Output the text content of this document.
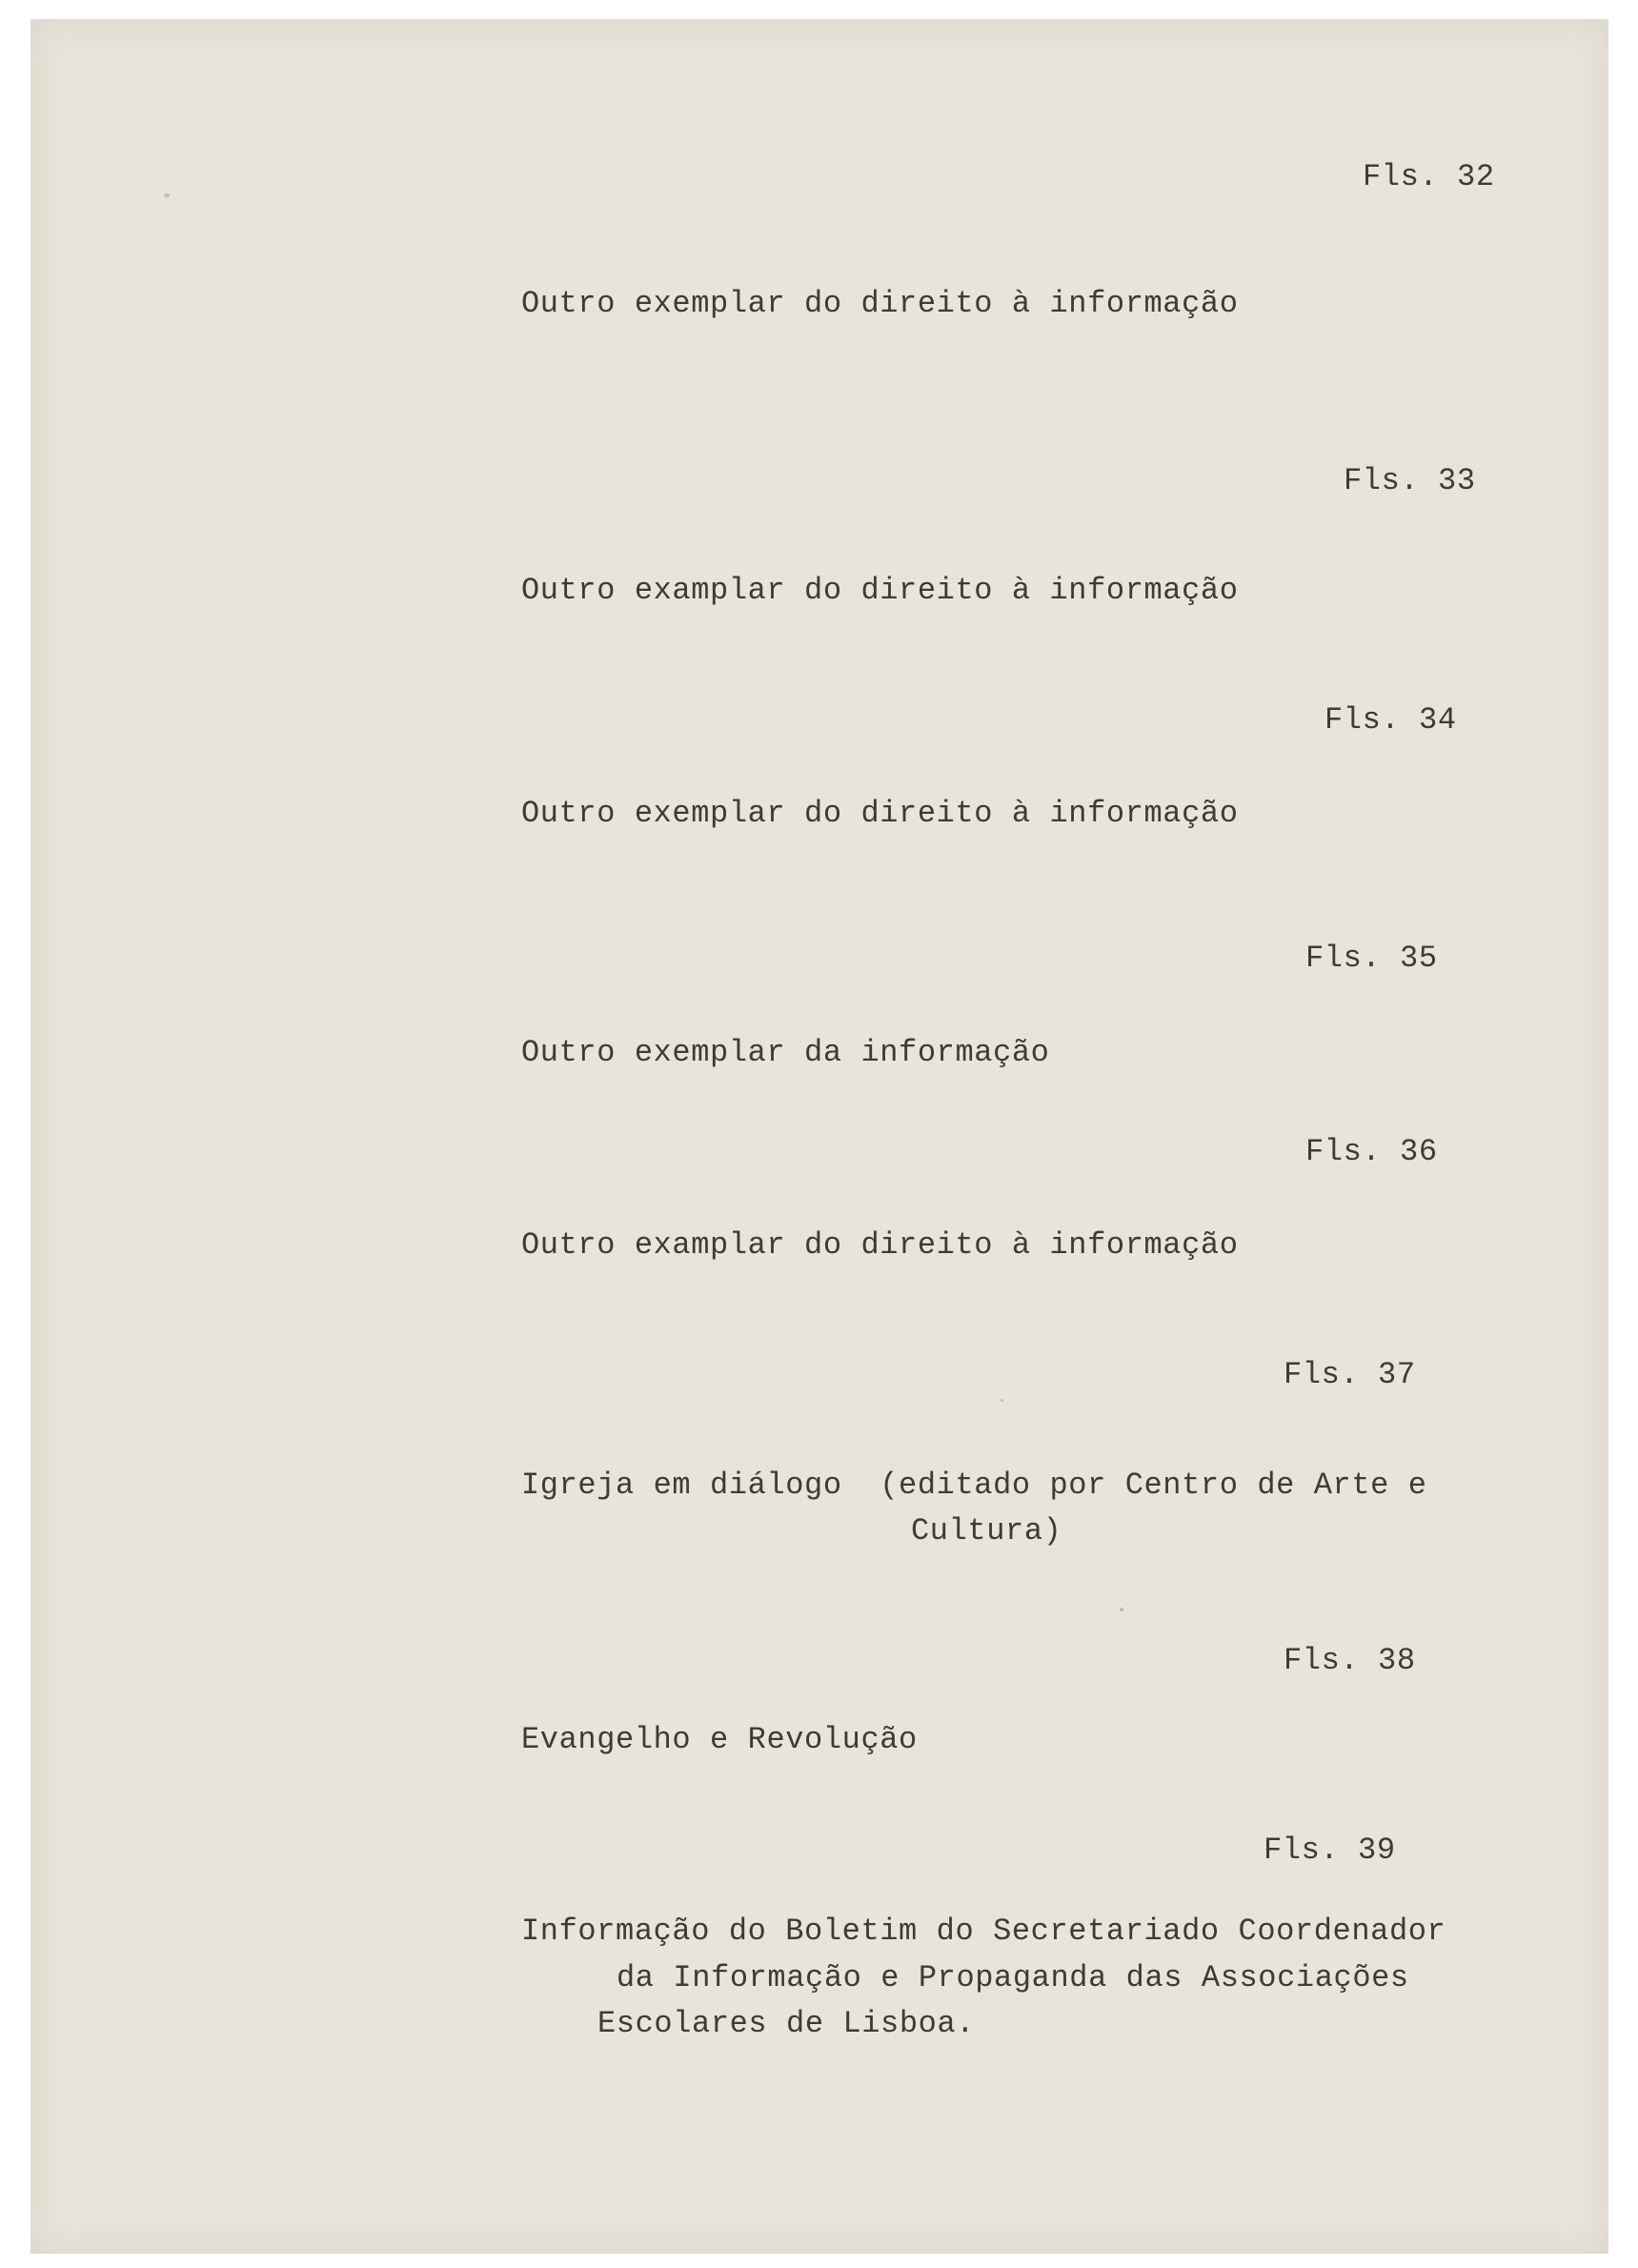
Fls. 32
Outro exemplar do direito à informação
Fls. 33
Outro examplar do direito à informação
Fls. 34
Outro exemplar do direito à informação
Fls. 35
Outro exemplar da informação
Fls. 36
Outro examplar do direito à informação
Fls. 37
Igreja em diálogo  (editado por Centro de Arte e
Cultura)
Fls. 38
Evangelho e Revolução
Fls. 39
Informação do Boletim do Secretariado Coordenador
da Informação e Propaganda das Associações
Escolares de Lisboa.
